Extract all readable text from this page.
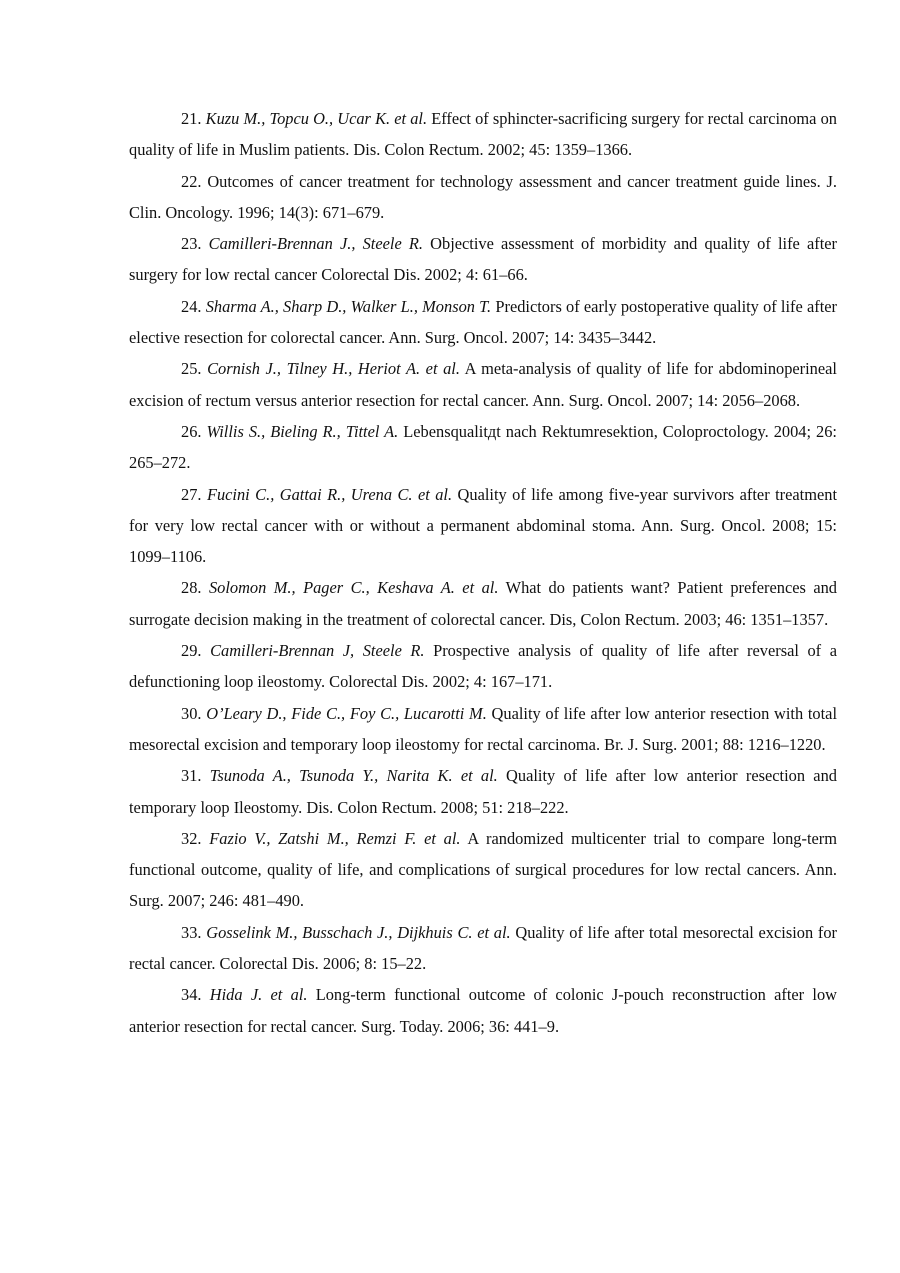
21. Kuzu M., Topcu O., Ucar K. et al. Effect of sphincter-sacrificing surgery for rectal carcinoma on quality of life in Muslim patients. Dis. Colon Rectum. 2002; 45: 1359–1366.

22. Outcomes of cancer treatment for technology assessment and cancer treatment guide lines. J. Clin. Oncology. 1996; 14(3): 671–679.

23. Camilleri-Brennan J., Steele R. Objective assessment of morbidity and quality of life after surgery for low rectal cancer Colorectal Dis. 2002; 4: 61–66.

24. Sharma A., Sharp D., Walker L., Monson T. Predictors of early postoperative quality of life after elective resection for colorectal cancer. Ann. Surg. Oncol. 2007; 14: 3435–3442.

25. Cornish J., Tilney H., Heriot A. et al. A meta-analysis of quality of life for abdominoperineal excision of rectum versus anterior resection for rectal cancer. Ann. Surg. Oncol. 2007; 14: 2056–2068.

26. Willis S., Bieling R., Tittel A. Lebensqualitдt nach Rektumresektion, Coloproctology. 2004; 26: 265–272.

27. Fucini C., Gattai R., Urena C. et al. Quality of life among five-year survivors after treatment for very low rectal cancer with or without a permanent abdominal stoma. Ann. Surg. Oncol. 2008; 15: 1099–1106.

28. Solomon M., Pager C., Keshava A. et al. What do patients want? Patient preferences and surrogate decision making in the treatment of colorectal cancer. Dis, Colon Rectum. 2003; 46: 1351–1357.

29. Camilleri-Brennan J, Steele R. Prospective analysis of quality of life after reversal of a defunctioning loop ileostomy. Colorectal Dis. 2002; 4: 167–171.

30. O’Leary D., Fide C., Foy C., Lucarotti M. Quality of life after low anterior resection with total mesorectal excision and temporary loop ileostomy for rectal carcinoma. Br. J. Surg. 2001; 88: 1216–1220.

31. Tsunoda A., Tsunoda Y., Narita K. et al. Quality of life after low anterior resection and temporary loop Ileostomy. Dis. Colon Rectum. 2008; 51: 218–222.

32. Fazio V., Zatshi M., Remzi F. et al. A randomized multicenter trial to compare long-term functional outcome, quality of life, and complications of surgical procedures for low rectal cancers. Ann. Surg. 2007; 246: 481–490.

33. Gosselink M., Busschach J., Dijkhuis C. et al. Quality of life after total mesorectal excision for rectal cancer. Colorectal Dis. 2006; 8: 15–22.

34. Hida J. et al. Long-term functional outcome of colonic J-pouch reconstruction after low anterior resection for rectal cancer. Surg. Today. 2006; 36: 441–9.
